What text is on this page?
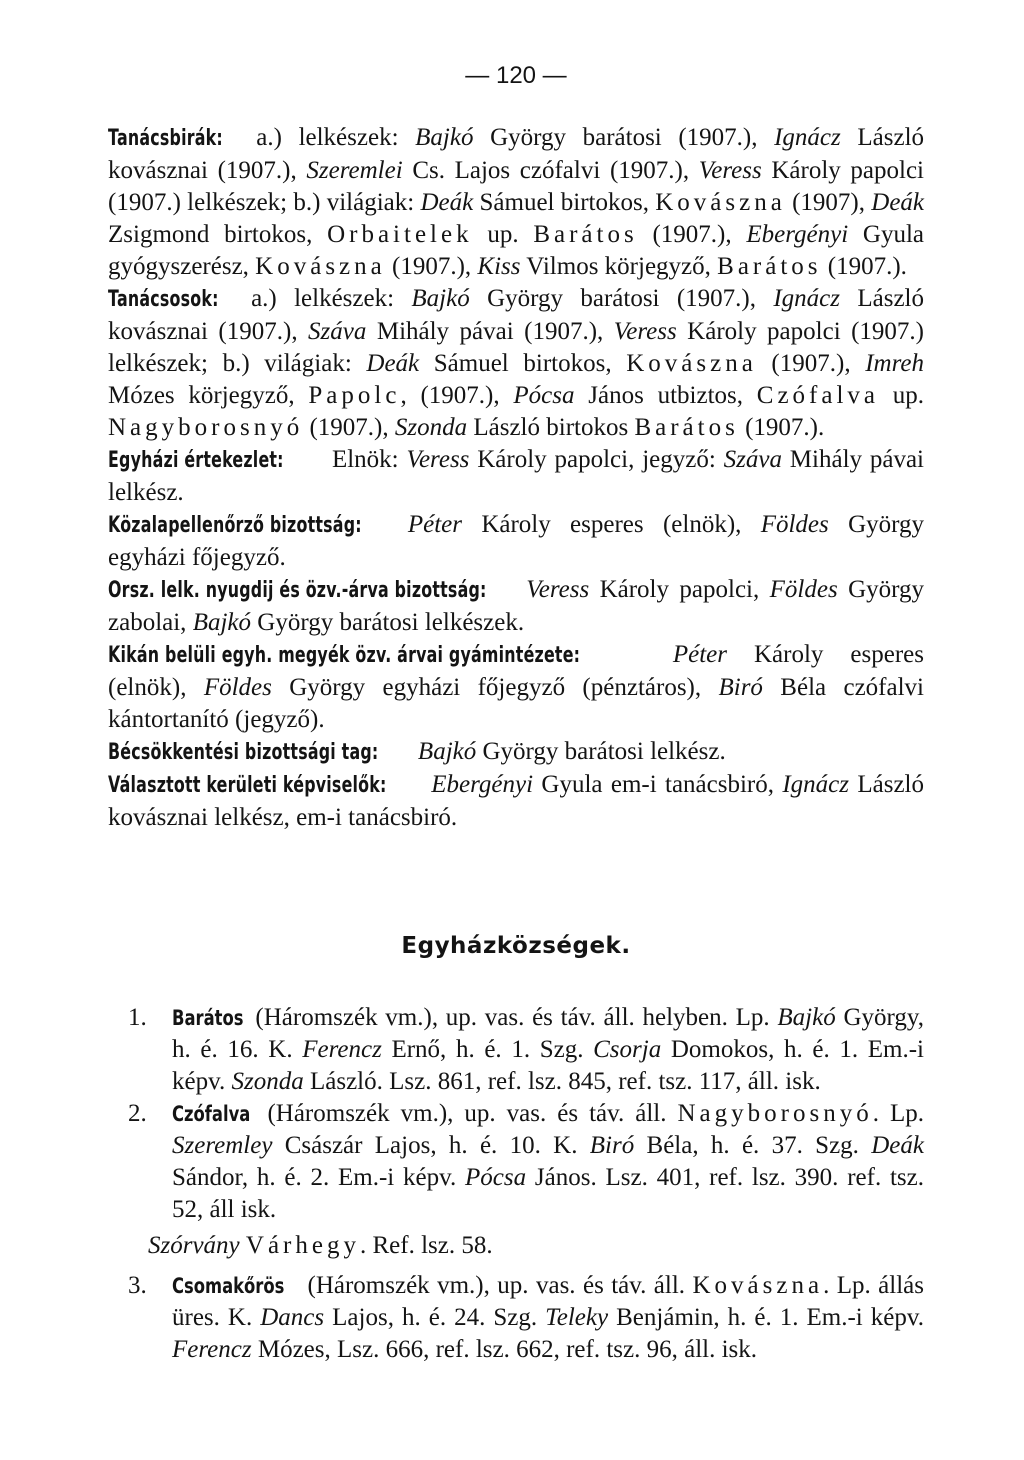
— 120 —

Tanácsbirák: a.) lelkészek: Bajkó György barátosi (1907.), Ignácz László kovásznai (1907.), Szeremlei Cs. Lajos czófalvi (1907.), Veress Károly papolci (1907.) lelkészek; b.) világiak: Deák Sámuel birtokos, Kovászna (1907), Deák Zsigmond birtokos, Orbaitelek up. Barátos (1907.), Ebergényi Gyula gyógyszerész, Kovászna (1907.), Kiss Vilmos körjegyző, Barátos (1907.).

Tanácsosok: a.) lelkészek: Bajkó György barátosi (1907.), Ignácz László kovásznai (1907.), Száva Mihály pávai (1907.), Veress Károly papolci (1907.) lelkészek; b.) világiak: Deák Sámuel birtokos, Kovászna (1907.), Imreh Mózes körjegyző, Papolc, (1907.), Pócsa János utbiztos, Czófalva up. Nagyborosnyó (1907.), Szonda László birtokos Barátos (1907.).

Egyházi értekezlet: Elnök: Veress Károly papolci, jegyző: Száva Mihály pávai lelkész.

Közalapellenőrző bizottság: Péter Károly esperes (elnök), Földes György egyházi főjegyző.

Orsz. lelk. nyugdij és özv.-árva bizottság: Veress Károly papolci, Földes György zabolai, Bajkó György barátosi lelkészek.

Kikán belüli egyh. megyék özv. árvai gyámintézete:	Péter Károly esperes (elnök), Földes György egyházi főjegyző (pénztáros), Biró Béla czófalvi kántortanító (jegyző).

Bécsökkentési bizottsági tag: Bajkó György barátosi lelkész.

Választott kerületi képviselők: Ebergényi Gyula em-i tanácsbiró, Ignácz László kovásznai lelkész, em-i tanácsbiró.

Egyházközségek.
1.	Barátos (Háromszék vm.), up. vas. és táv. áll. helyben. Lp. Bajkó György, h. é. 16. K. Ferencz Ernő, h. é. 1. Szg. Csorja Domokos, h. é. 1. Em.-i képv. Szonda László. Lsz. 861, ref. lsz. 845, ref. tsz. 117, áll. isk.
2.	Czófalva (Háromszék vm.), up. vas. és táv. áll. Nagyborosnyó. Lp. Szeremley Császár Lajos, h. é. 10. K. Biró Béla, h. é. 37. Szg. Deák Sándor, h. é. 2. Em.-i képv. Pócsa János. Lsz. 401, ref. lsz. 390. ref. tsz. 52, áll isk.
Szórvány Várhegy. Ref. lsz. 58.
3.	Csomakőrös (Háromszék vm.), up. vas. és táv. áll. Kovászna. Lp. állás üres. K. Dancs Lajos, h. é. 24. Szg. Teleky Benjámin, h. é. 1. Em.-i képv. Ferencz Mózes, Lsz. 666, ref. lsz. 662, ref. tsz. 96, áll. isk.
